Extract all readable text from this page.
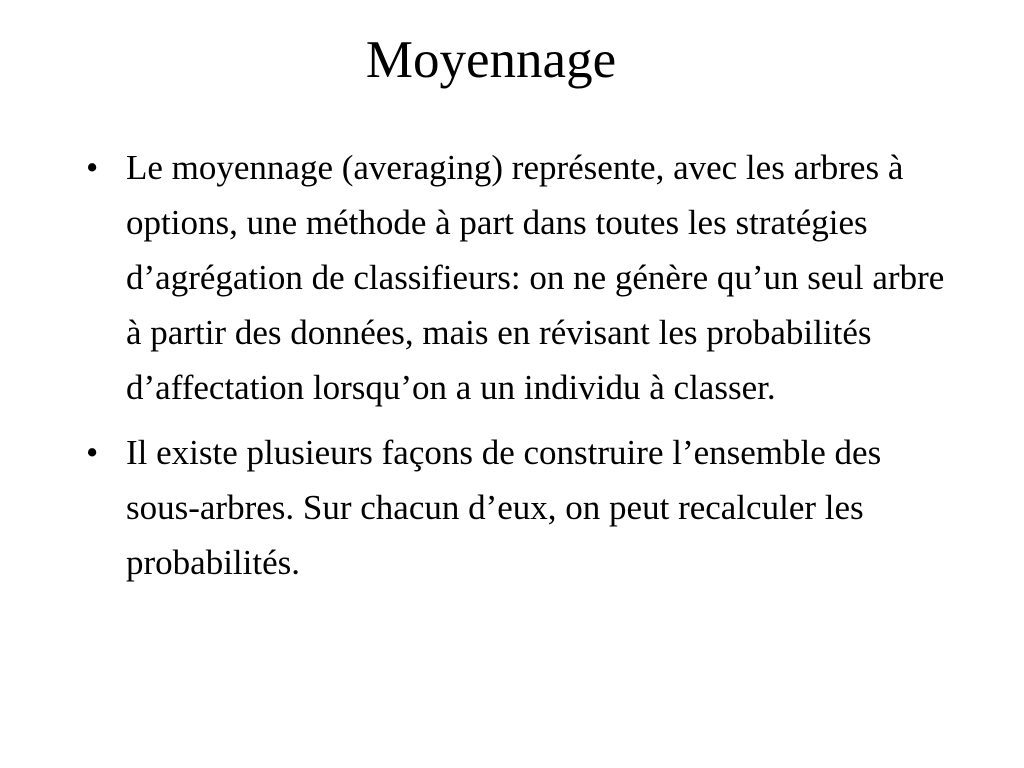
Moyennage
• Le moyennage (averaging) représente, avec les arbres à options, une méthode à part dans toutes les stratégies d’agrégation de classifieurs: on ne génère qu’un seul arbre à partir des données, mais en révisant les probabilités d’affectation lorsqu’on a un individu à classer.
• Il existe plusieurs façons de construire l’ensemble des sous-arbres. Sur chacun d’eux, on peut recalculer les probabilités.
